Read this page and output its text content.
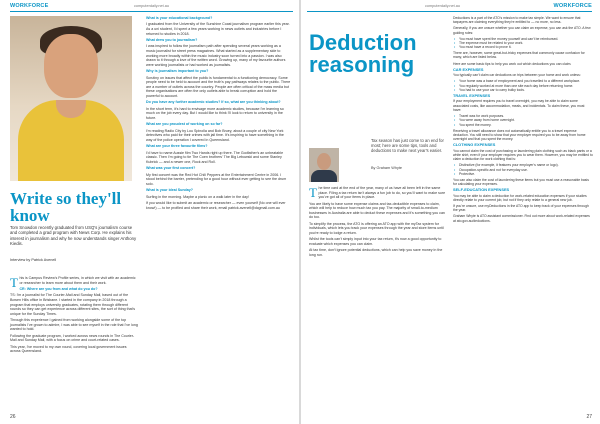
WORKFORCE	computerdaily.net.au
Write so they'll know
Tom Snowdon recently graduated from USQ's journalism course and completed a grad program with News Corp. He explains his interest in journalism and why he now understands singer Anthony Kiedis.
Interview by Patrick Avenell

This is Campus Review's Profile series, in which we visit with an academic or researcher to learn more about them and their work.

CR: Where are you from and what do you do?

TS: I'm a journalist for The Courier-Mail and Sunday Mail, based out of the Bowen Hills office in Brisbane. I started in the company in 2018 through a program that employs university graduates, rotating them through different rounds so they can get experience across different sites, the sort of thing that's unique for the Sunday Times.

Through this experience I gained from working alongside some of the top journalists I've grown to admire, I was able to see myself in the role that I've long wanted to hold.

Following the graduate program, I worked across news rounds in The Courier-Mail and Sunday Mail, with a focus on crime and court-related cases.

This year, I've moved to my own round, covering local government issues across Queensland.

What is your educational background?

I graduated from the University of the Sunshine Coast journalism program earlier this year. As a uni student, I'd spent a few years working in news outlets and industries before I returned to studies in 2018.

What drew you to journalism?

I was inspired to follow the journalism path after spending several years working as a music journalist for street press magazines. What started as a supplementary side to working more broadly within the music industry soon turned into a passion. I was also drawn to it through a love of the written word. Growing up, many of my favourite authors were working journalists or had worked as journalists.

Why is journalism important to you?

Scrutiny on issues that affect the public is fundamental to a functioning democracy. Some people need to be held to account and the truth's pay pathways relates to the public. There are a number of outlets across the country. People are often critical of the mass media but these organisations are often the only outlets able to break corruption and hold the powerful to account.

Do you have any further academic studies? If so, what are you thinking about?

In the short term, it's hard to envisage more academic studies, because I'm learning so much on the job every day. But I would like to think I'll look to return to university in the future.

What are you proudest of working on so far?

I'm reading Radio City by Lou Spinolla and Bob Bruey, about a couple of city New York detectives who paid for their crimes with jail time. It's inspiring to have something in the way of the police operation I covered in Queensland.

What are your three favourite films?

I'd have to name Aussie film Two Hands right up there. The Godfather's an unbeatable classic. Then I'm going to tie The Coen brothers' The Big Lebowski and some Stanley Kubrick — and a newer one, Rock and Roll.

What was your first concert?

My first concert was the Red Hot Chili Peppers at the Entertainment Centre in 2006. I stood behind the barrier, pretending for a good hour without ever getting to see the drum solo.

What is your ideal Sunday?

Surfing in the morning. Maybe a picnic on a walk later in the day!

If you would like to submit an academic or researcher — even yourself (No one will ever know!) — to be profiled and share their work, email patrick.avenell@dcgmail.com.au

26
computerdaily.net.au	WORKFORCE
Deduction
reasoning
Tax season has just come to an end for most; here are some tips, tools and deductions to make next year's easier.
By Graham Whyte

The time card at the end of the year, many of us have all been left in the same place. Filing a tax return isn't always a fun job to do, so you'll want to make sure you've got all of your items in place.

You are likely to have some expense claims and tax-deductible expenses to claim, which will help to reduce how much tax you pay. The majority of small-to-medium businesses in Australia are able to deduct these expenses and it's something you can do too.

To simplify the process, the ATO is offering an ATO app with the myTax system for individuals, which lets you track your expenses through the year and store items until you're ready to lodge a return.

Whilst the tools can't simply input into your tax return, it's now a good opportunity to evaluate which expenses you can claim.

At tax time, don't ignore potential deductions, which can help you save money in the long run.

Deductions is a part of the ATO's mission to make tax simple. We want to ensure that taxpayers are claiming everything they're entitled to — no more, no less.

Generally, if you are unsure whether you can claim an expense, you can ask the ATO. A few guiding rules:

• You must have spent the money yourself and can't be reimbursed.
• The expense must be related to your work.
• You must have a record to prove it.

There are, however, some great-but-tricky expenses that commonly cause confusion for many, which are listed below.

Here are some basic tips to help you work out which deductions you can claim.

CAR EXPENSES

You typically can't claim car deductions on trips between your home and work unless:

• Your home was a base of employment and you travelled to a different workplace.
• You regularly worked at more than one site each day before returning home.
• You had to use your car to carry bulky tools.
TRAVEL EXPENSES

If your employment requires you to travel overnight, you may be able to claim some associated costs, like accommodation, meals, and incidentals. To claim these, you must have:

• Travel was for work purposes.
• You were away from home overnight.
• You spent the money.

Receiving a travel allowance does not automatically entitle you to a travel expense deduction. You still need to show that your employer required you to be away from home overnight and that you spent the money.

CLOTHING EXPENSES

You cannot claim the cost of purchasing or laundering plain clothing such as black pants or a white shirt, even if your employer requires you to wear them. However, you may be entitled to claim a deduction for work clothing that is:

• Distinctive (for example, it features your employer's name or logo).
• Occupation-specific and not for everyday use.
• Protective.

You can also claim the cost of laundering these items but you must use a reasonable basis for calculating your expenses.

SELF-EDUCATION EXPENSES

You may be able to claim a deduction for work-related education expenses if your studies directly relate to your current job, but not if they only relate to a general new job.

If you're unsure, use myDeductions in the ATO app to keep track of your expenses through the year.

Graham Whyte is ATO assistant commissioner. Find out more about work-related expenses at ato.gov.au/deductions.

27
